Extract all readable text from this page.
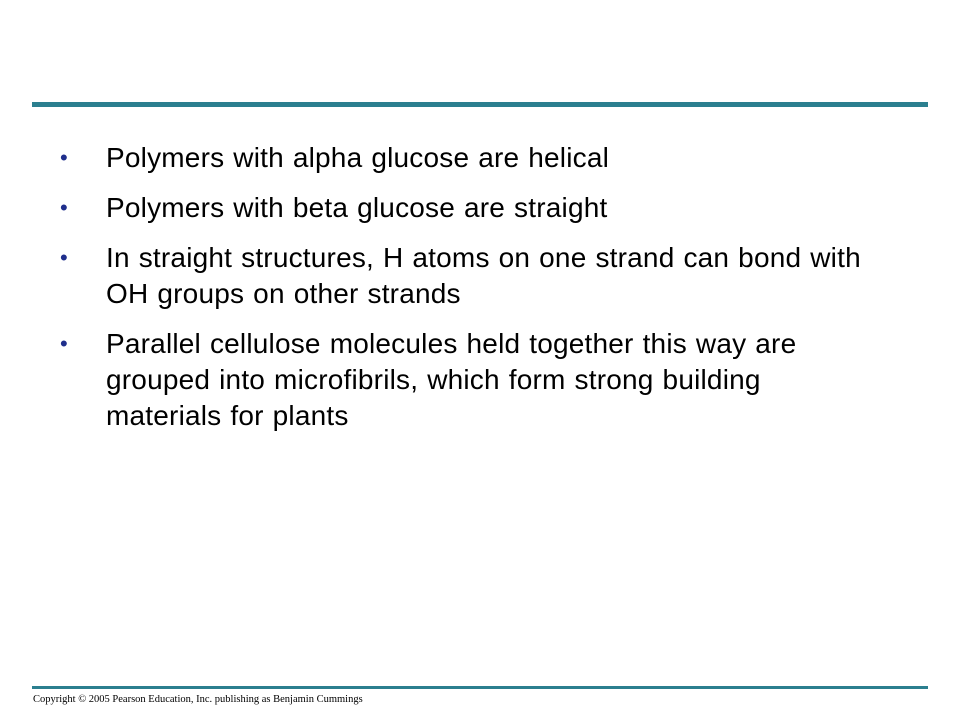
•	Polymers with alpha glucose are helical
•	Polymers with beta glucose are straight
•	In straight structures, H atoms on one strand can bond with OH groups on other strands
•	Parallel cellulose molecules held together this way are grouped into microfibrils, which form strong building materials for plants
Copyright © 2005 Pearson Education, Inc. publishing as Benjamin Cummings
